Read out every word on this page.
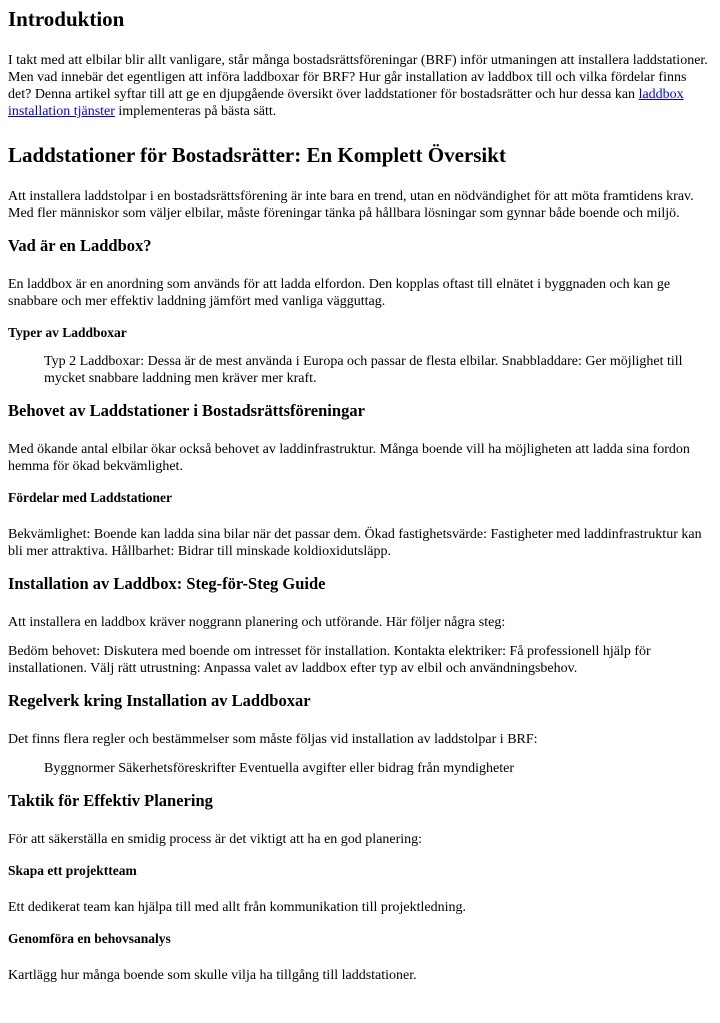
Introduktion

I takt med att elbilar blir allt vanligare, står många bostadsrättsföreningar (BRF) inför utmaningen att installera laddstationer. Men vad innebär det egentligen att införa laddboxar för BRF? Hur går installation av laddbox till och vilka fördelar finns det? Denna artikel syftar till att ge en djupgående översikt över laddstationer för bostadsrätter och hur dessa kan laddbox installation tjänster implementeras på bästa sätt.

Laddstationer för Bostadsrätter: En Komplett Översikt

Att installera laddstolpar i en bostadsrättsförening är inte bara en trend, utan en nödvändighet för att möta framtidens krav. Med fler människor som väljer elbilar, måste föreningar tänka på hållbara lösningar som gynnar både boende och miljö.

Vad är en Laddbox?

En laddbox är en anordning som används för att ladda elfordon. Den kopplas oftast till elnätet i byggnaden och kan ge snabbare och mer effektiv laddning jämfört med vanliga vägguttag.

Typer av Laddboxar
Typ 2 Laddboxar: Dessa är de mest använda i Europa och passar de flesta elbilar. Snabbladdare: Ger möjlighet till mycket snabbare laddning men kräver mer kraft.
Behovet av Laddstationer i Bostadsrättsföreningar

Med ökande antal elbilar ökar också behovet av laddinfrastruktur. Många boende vill ha möjligheten att ladda sina fordon hemma för ökad bekvämlighet.

Fördelar med Laddstationer

Bekvämlighet: Boende kan ladda sina bilar när det passar dem. Ökad fastighetsvärde: Fastigheter med laddinfrastruktur kan bli mer attraktiva. Hållbarhet: Bidrar till minskade koldioxidutsläpp.

Installation av Laddbox: Steg-för-Steg Guide

Att installera en laddbox kräver noggrann planering och utförande. Här följer några steg:

Bedöm behovet: Diskutera med boende om intresset för installation. Kontakta elektriker: Få professionell hjälp för installationen. Välj rätt utrustning: Anpassa valet av laddbox efter typ av elbil och användningsbehov.

Regelverk kring Installation av Laddboxar

Det finns flera regler och bestämmelser som måste följas vid installation av laddstolpar i BRF:

Byggnormer Säkerhetsföreskrifter Eventuella avgifter eller bidrag från myndigheter
Taktik för Effektiv Planering

För att säkerställa en smidig process är det viktigt att ha en god planering:

Skapa ett projektteam

Ett dedikerat team kan hjälpa till med allt från kommunikation till projektledning.

Genomföra en behovsanalys

Kartlägg hur många boende som skulle vilja ha tillgång till laddstationer.
